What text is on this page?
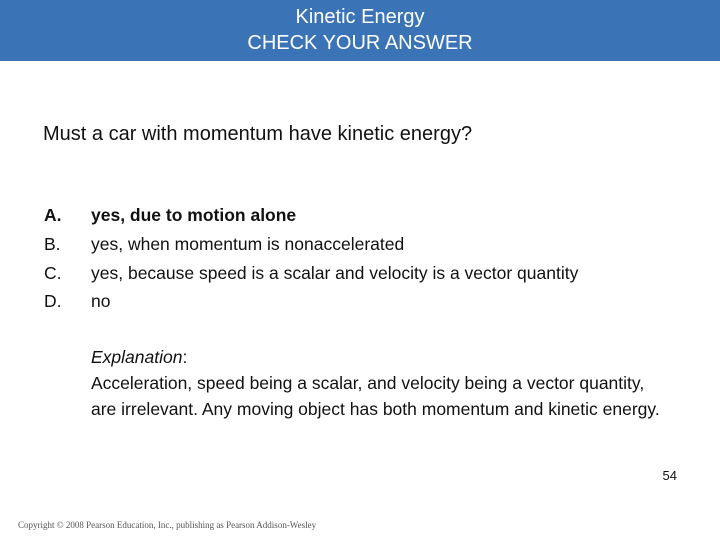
Kinetic Energy
CHECK YOUR ANSWER
Must a car with momentum have kinetic energy?
A.	yes, due to motion alone
B.	yes, when momentum is nonaccelerated
C.	yes, because speed is a scalar and velocity is a vector quantity
D.	no
Explanation:
Acceleration, speed being a scalar, and velocity being a vector quantity, are irrelevant. Any moving object has both momentum and kinetic energy.
54
Copyright © 2008 Pearson Education, Inc., publishing as Pearson Addison-Wesley
